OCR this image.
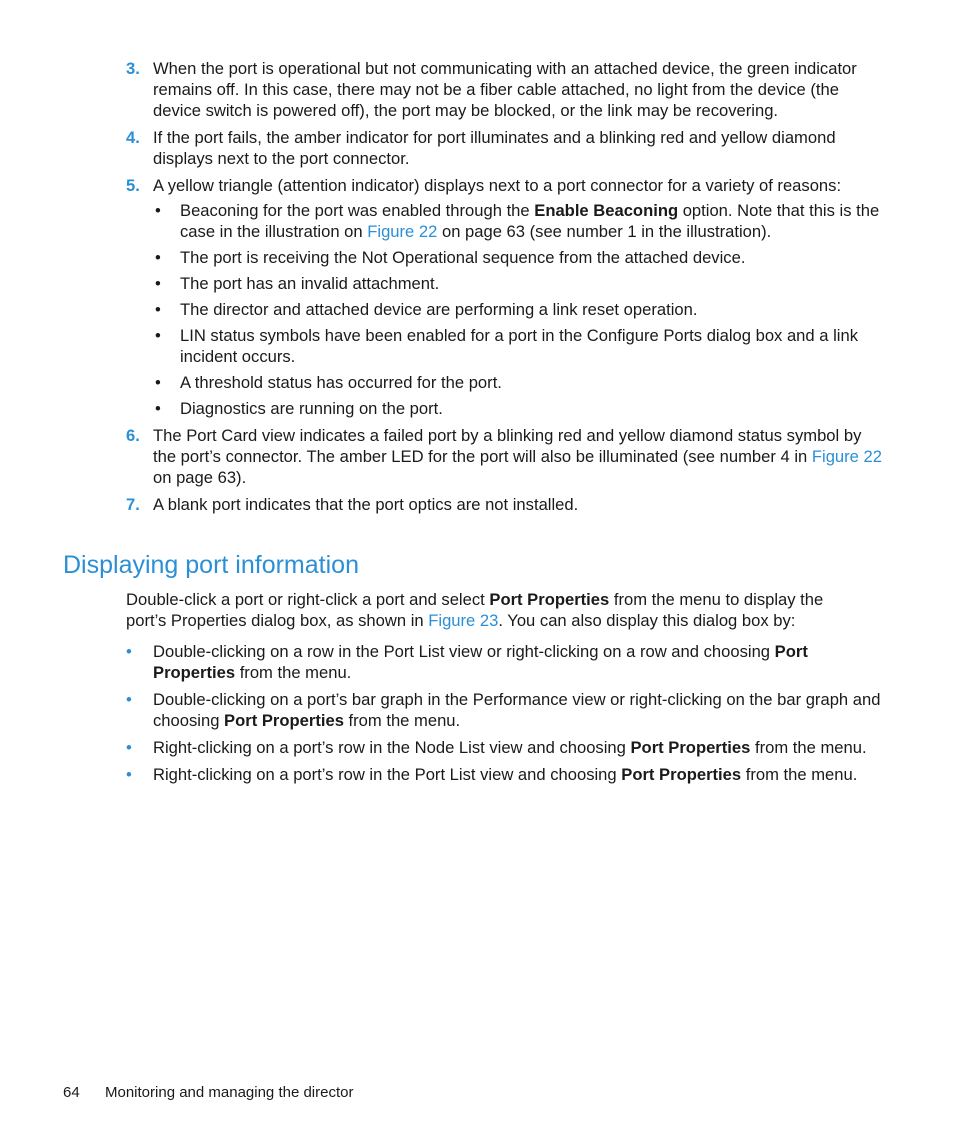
3. When the port is operational but not communicating with an attached device, the green indicator remains off. In this case, there may not be a fiber cable attached, no light from the device (the device switch is powered off), the port may be blocked, or the link may be recovering.
4. If the port fails, the amber indicator for port illuminates and a blinking red and yellow diamond displays next to the port connector.
5. A yellow triangle (attention indicator) displays next to a port connector for a variety of reasons:
• Beaconing for the port was enabled through the Enable Beaconing option. Note that this is the case in the illustration on Figure 22 on page 63 (see number 1 in the illustration).
• The port is receiving the Not Operational sequence from the attached device.
• The port has an invalid attachment.
• The director and attached device are performing a link reset operation.
• LIN status symbols have been enabled for a port in the Configure Ports dialog box and a link incident occurs.
• A threshold status has occurred for the port.
• Diagnostics are running on the port.
6. The Port Card view indicates a failed port by a blinking red and yellow diamond status symbol by the port’s connector. The amber LED for the port will also be illuminated (see number 4 in Figure 22 on page 63).
7. A blank port indicates that the port optics are not installed.
Displaying port information

Double-click a port or right-click a port and select Port Properties from the menu to display the port’s Properties dialog box, as shown in Figure 23. You can also display this dialog box by:

• Double-clicking on a row in the Port List view or right-clicking on a row and choosing Port Properties from the menu.
• Double-clicking on a port’s bar graph in the Performance view or right-clicking on the bar graph and choosing Port Properties from the menu.
• Right-clicking on a port’s row in the Node List view and choosing Port Properties from the menu.
• Right-clicking on a port’s row in the Port List view and choosing Port Properties from the menu.
64 Monitoring and managing the director
